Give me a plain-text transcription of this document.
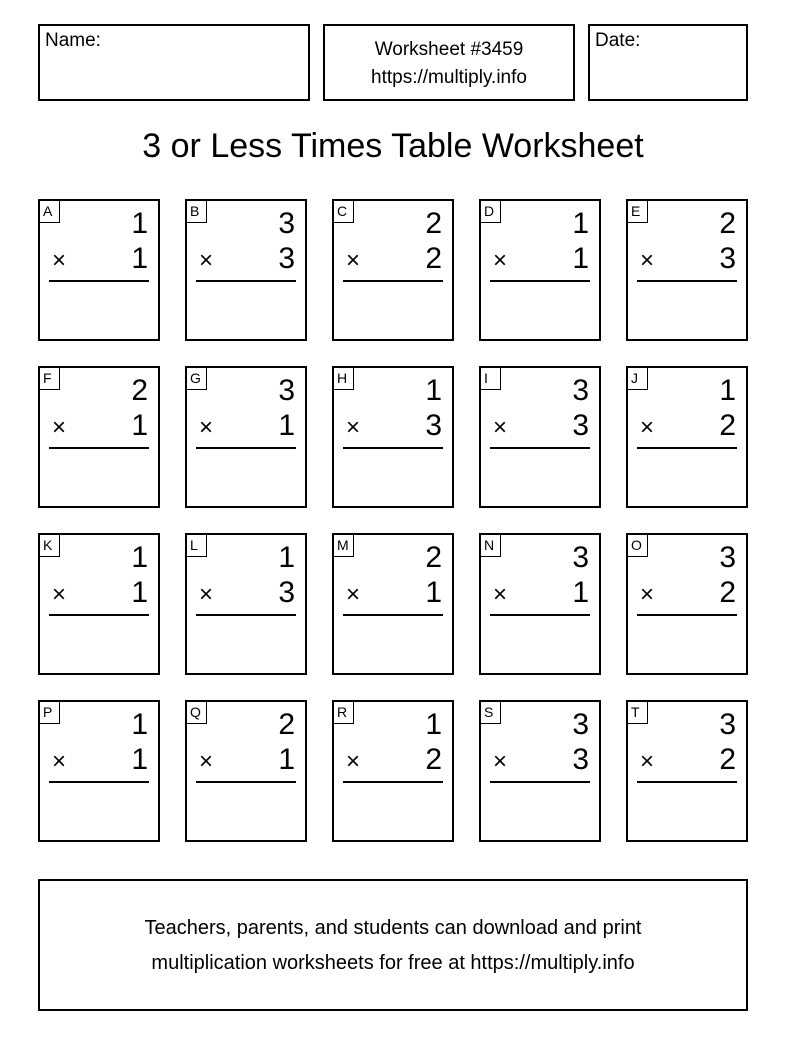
Name:	Worksheet #3459
https://multiply.info
Date:
3 or Less Times Table Worksheet
A	1
× 1
B	3
× 3
C	2
× 2
D	1
× 1
E	2
× 3
F	2
× 1
G	3
× 1
H	1
× 3
I	3
× 3
J	1
× 2
K	1
× 1
L	1
× 3
M	2
× 1
N	3
× 1
O	3
× 2
P	1
× 1
Q	2
× 1
R	1
× 2
S	3
× 3
T	3
× 2
Teachers, parents, and students can download and print
multiplication worksheets for free at https://multiply.info
